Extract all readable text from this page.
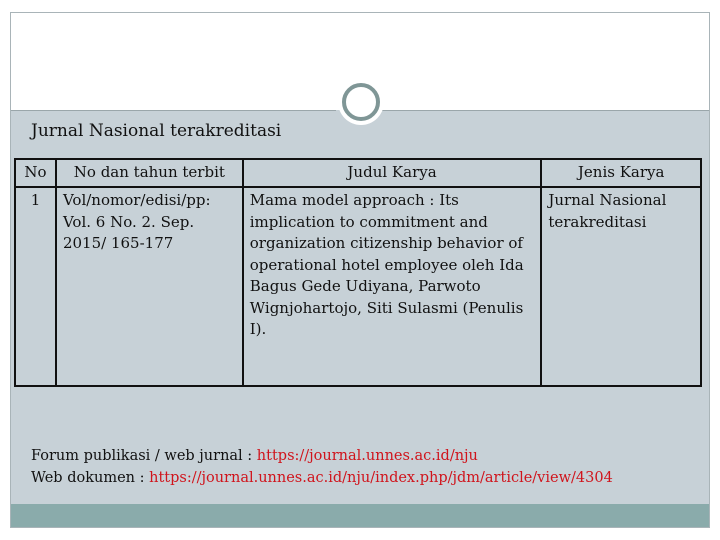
Jurnal Nasional terakreditasi
No	No dan tahun terbit	Judul Karya	Jenis Karya
1	Vol/nomor/edisi/pp: Vol. 6 No. 2. Sep. 2015/ 165-177	Mama model approach : Its implication to commitment and organization citizenship behavior of operational hotel employee oleh Ida Bagus Gede Udiyana, Parwoto Wignjohartojo, Siti Sulasmi (Penulis I).	Jurnal Nasional terakreditasi
Forum publikasi / web jurnal : https://journal.unnes.ac.id/nju
Web dokumen : https://journal.unnes.ac.id/nju/index.php/jdm/article/view/4304
